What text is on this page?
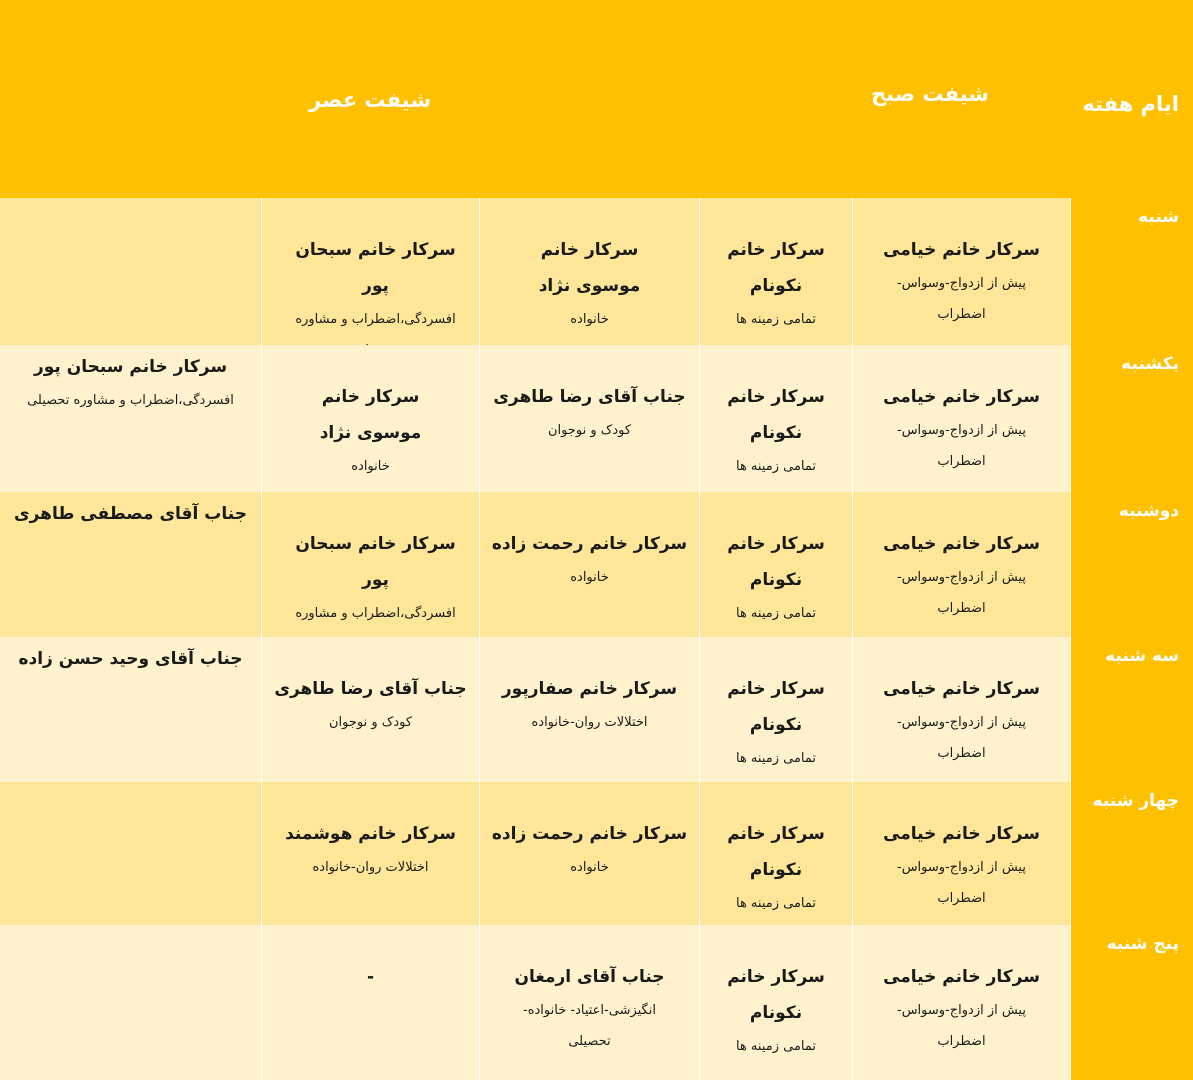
ایام هفته
شیفت صبح
شیفت عصر
شنبه
سرکار خانم خیامی
پیش از ازدواج-وسواس- اضطراب
سرکار خانم نکونام
تمامی زمینه ها
سرکار خانم موسوی نژاد
خانواده
سرکار خانم سبحان پور
افسردگی،اضطراب و مشاوره
یکشنبه
سرکار خانم خیامی
پیش از ازدواج-وسواس- اضطراب
سرکار خانم نکونام
تمامی زمینه ها
جناب آقای رضا طاهری
کودک و نوجوان
سرکار خانم موسوی نژاد
خانواده
سرکار خانم سبحان پور
افسردگی،اضطراب و مشاوره تحصیلی
دوشنبه
سرکار خانم خیامی
پیش از ازدواج-وسواس- اضطراب
سرکار خانم نکونام
تمامی زمینه ها
سرکار خانم رحمت زاده
خانواده
سرکار خانم سبحان پور
افسردگی،اضطراب و مشاوره
جناب آقای مصطفی طاهری
سه شنبه
سرکار خانم خیامی
پیش از ازدواج-وسواس- اضطراب
سرکار خانم نکونام
تمامی زمینه ها
سرکار خانم صفارپور
اختلالات روان-خانواده
جناب آقای رضا طاهری
کودک و نوجوان
جناب آقای وحید حسن زاده
چهار شنبه
سرکار خانم خیامی
پیش از ازدواج-وسواس- اضطراب
سرکار خانم نکونام
تمامی زمینه ها
سرکار خانم رحمت زاده
خانواده
سرکار خانم هوشمند
اختلالات روان-خانواده
پنج شنبه
سرکار خانم خیامی
پیش از ازدواج-وسواس- اضطراب
سرکار خانم نکونام
تمامی زمینه ها
جناب آقای ارمغان
انگیزشی-اعتیاد- خانواده- تحصیلی
-
